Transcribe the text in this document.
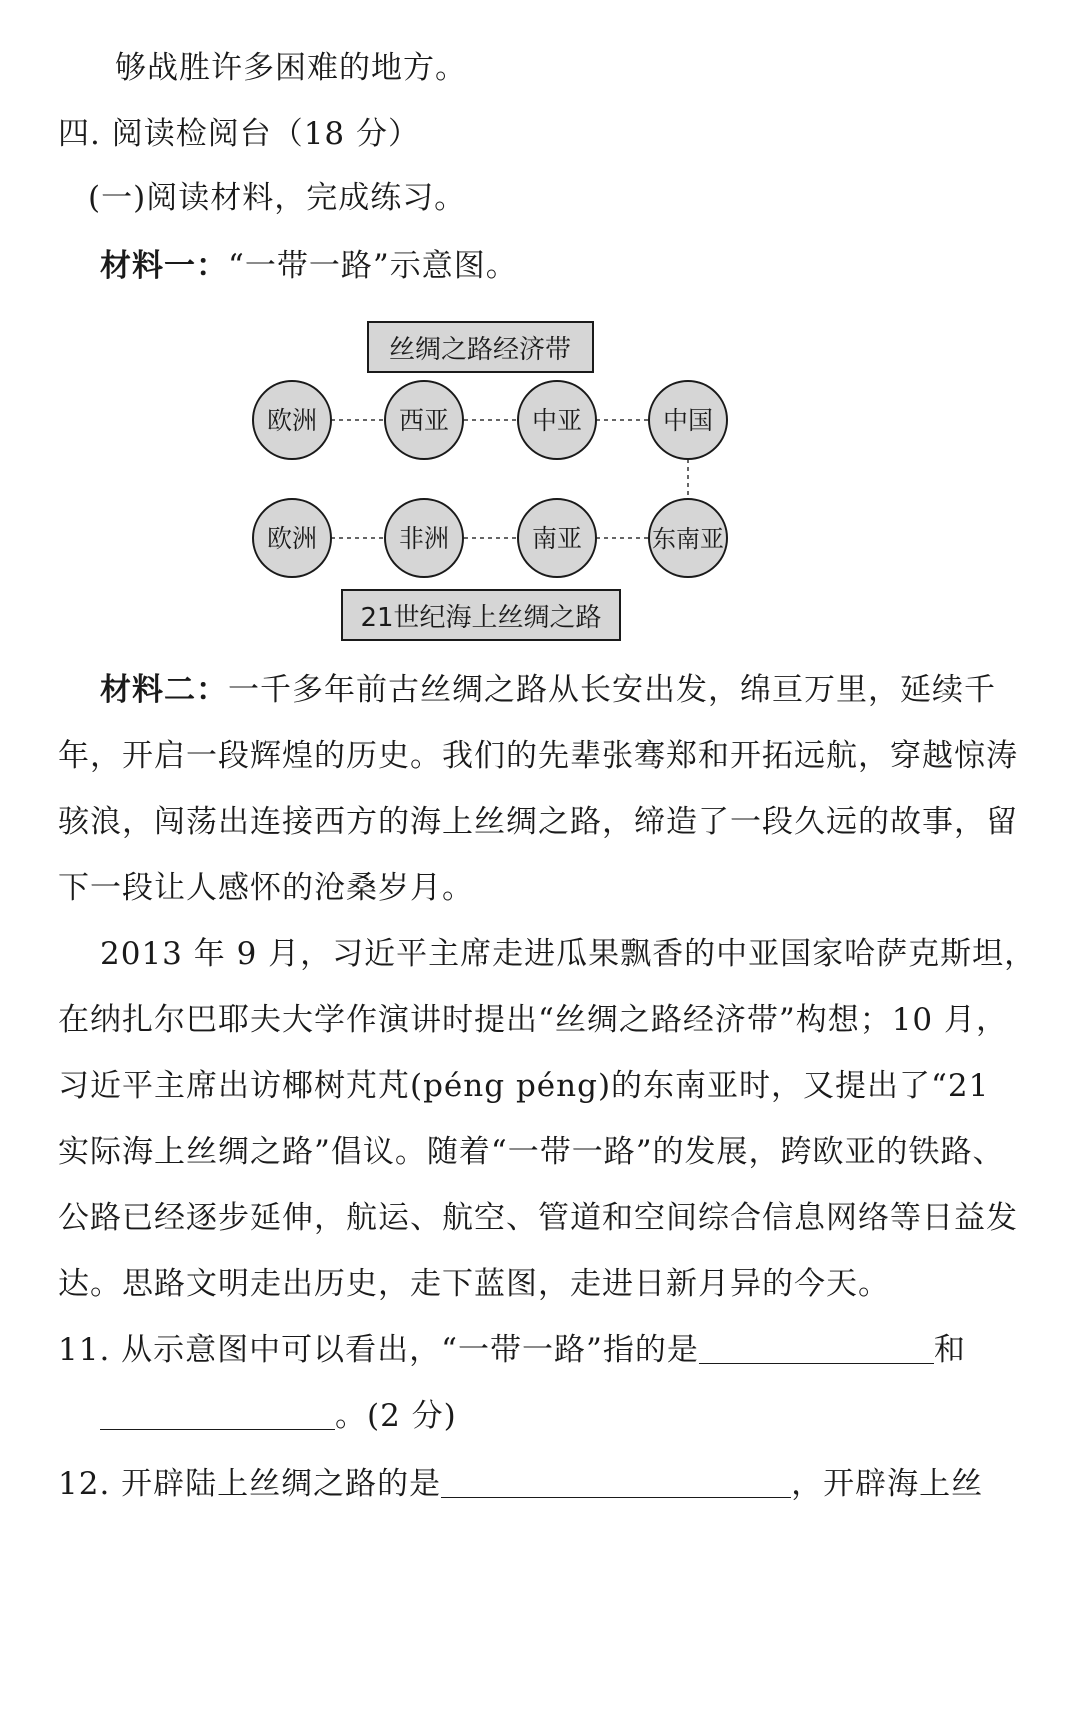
够战胜许多困难的地方。
四. 阅读检阅台（18 分）
(一)阅读材料，完成练习。
材料一：“一带一路”示意图。
丝绸之路经济带
欧洲	西亚	中亚	中国
欧洲	非洲	南亚	东南亚
21世纪海上丝绸之路
材料二：一千多年前古丝绸之路从长安出发，绵亘万里，延续千
年，开启一段辉煌的历史。我们的先辈张骞郑和开拓远航，穿越惊涛
骇浪，闯荡出连接西方的海上丝绸之路，缔造了一段久远的故事，留
下一段让人感怀的沧桑岁月。
2013 年 9 月，习近平主席走进瓜果飘香的中亚国家哈萨克斯坦，
在纳扎尔巴耶夫大学作演讲时提出“丝绸之路经济带”构想；10 月，
习近平主席出访椰树芃芃(péng péng)的东南亚时，又提出了“21
实际海上丝绸之路”倡议。随着“一带一路”的发展，跨欧亚的铁路、
公路已经逐步延伸，航运、航空、管道和空间综合信息网络等日益发
达。思路文明走出历史，走下蓝图，走进日新月异的今天。
11. 从示意图中可以看出，“一带一路”指的是	和
。(2 分)
12. 开辟陆上丝绸之路的是	，开辟海上丝
